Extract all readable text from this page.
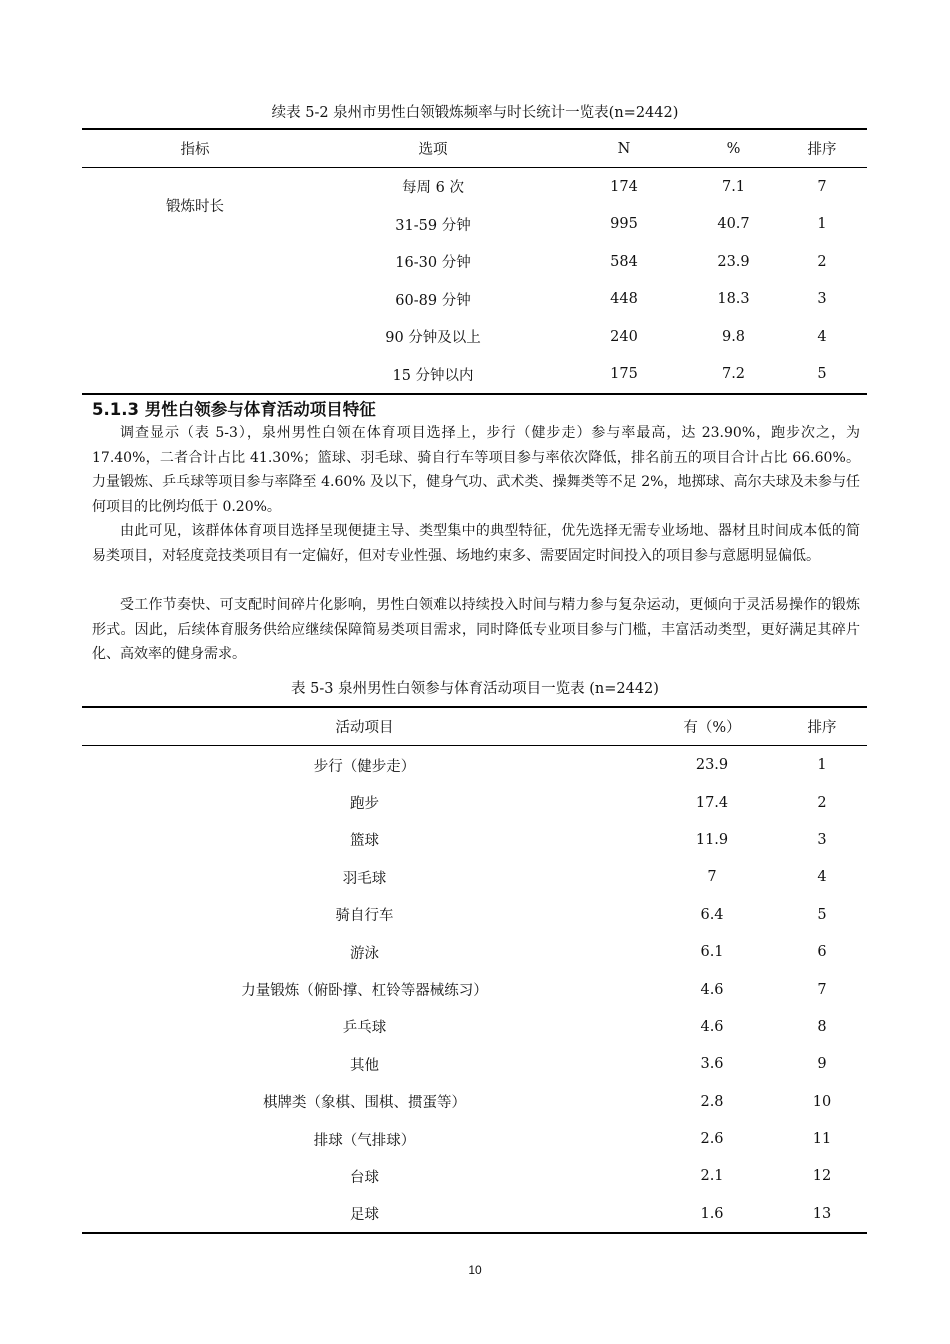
续表 5-2 泉州市男性白领锻炼频率与时长统计一览表(n=2442)
指标	选项	N	%	排序
锻炼时长	每周 6 次	174	7.1	7
	31-59 分钟	995	40.7	1
	16-30 分钟	584	23.9	2
	60-89 分钟	448	18.3	3
	90 分钟及以上	240	9.8	4
	15 分钟以内	175	7.2	5
5.1.3 男性白领参与体育活动项目特征

调查显示（表 5-3），泉州男性白领在体育项目选择上，步行（健步走）参与率最高，达 23.90%，跑步次之，为 17.40%，二者合计占比 41.30%；篮球、羽毛球、骑自行车等项目参与率依次降低，排名前五的项目合计占比 66.60%。力量锻炼、乒乓球等项目参与率降至 4.60% 及以下，健身气功、武术类、操舞类等不足 2%，地掷球、高尔夫球及未参与任何项目的比例均低于 0.20%。

由此可见，该群体体育项目选择呈现便捷主导、类型集中的典型特征，优先选择无需专业场地、器材且时间成本低的简易类项目，对轻度竞技类项目有一定偏好，但对专业性强、场地约束多、需要固定时间投入的项目参与意愿明显偏低。

受工作节奏快、可支配时间碎片化影响，男性白领难以持续投入时间与精力参与复杂运动，更倾向于灵活易操作的锻炼形式。因此，后续体育服务供给应继续保障简易类项目需求，同时降低专业项目参与门槛，丰富活动类型，更好满足其碎片化、高效率的健身需求。

表 5-3 泉州男性白领参与体育活动项目一览表 (n=2442)
活动项目	有（%）	排序
步行（健步走）	23.9	1
跑步	17.4	2
篮球	11.9	3
羽毛球	7	4
骑自行车	6.4	5
游泳	6.1	6
力量锻炼（俯卧撑、杠铃等器械练习）	4.6	7
乒乓球	4.6	8
其他	3.6	9
棋牌类（象棋、围棋、掼蛋等）	2.8	10
排球（气排球）	2.6	11
台球	2.1	12
足球	1.6	13
10
